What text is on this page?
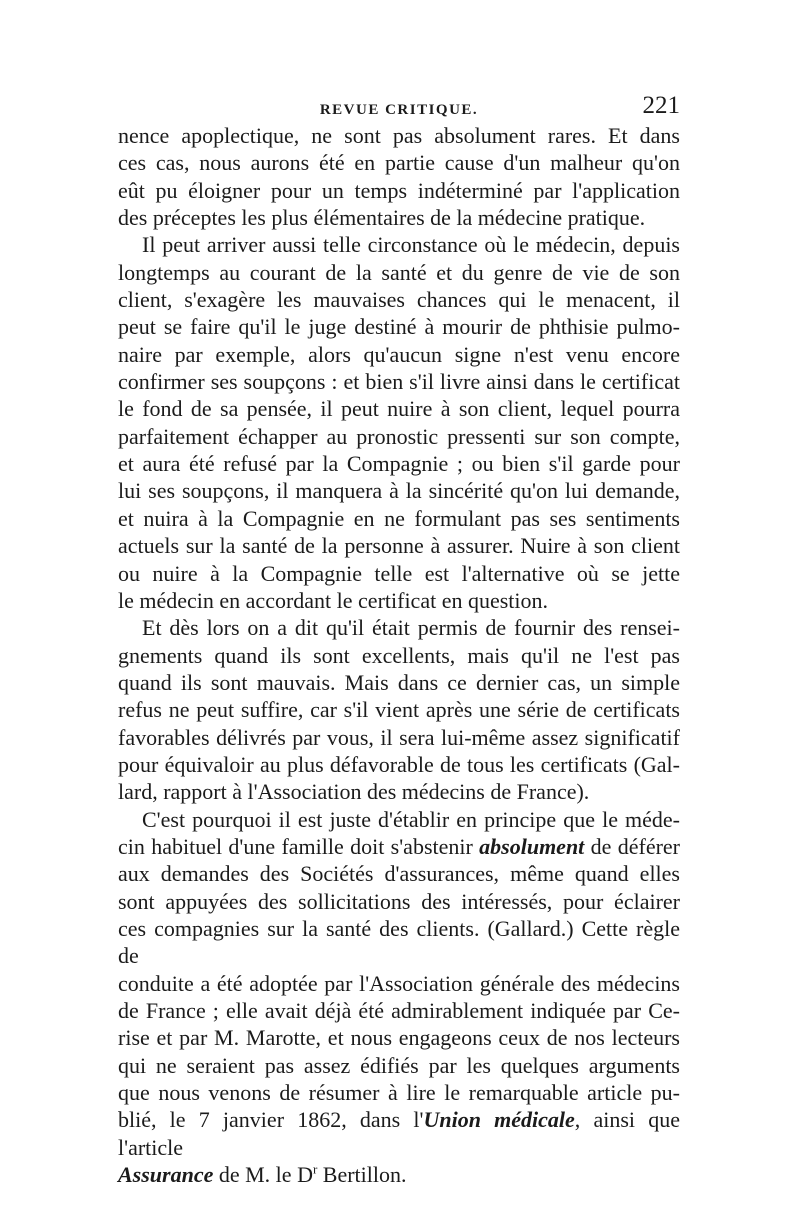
REVUE CRITIQUE.	221
nence apoplectique, ne sont pas absolument rares. Et dans
ces cas, nous aurons été en partie cause d'un malheur qu'on
eût pu éloigner pour un temps indéterminé par l'application
des préceptes les plus élémentaires de la médecine pratique.
Il peut arriver aussi telle circonstance où le médecin, depuis
longtemps au courant de la santé et du genre de vie de son
client, s'exagère les mauvaises chances qui le menacent, il
peut se faire qu'il le juge destiné à mourir de phthisie pulmo-
naire par exemple, alors qu'aucun signe n'est venu encore
confirmer ses soupçons : et bien s'il livre ainsi dans le certificat
le fond de sa pensée, il peut nuire à son client, lequel pourra
parfaitement échapper au pronostic pressenti sur son compte,
et aura été refusé par la Compagnie ; ou bien s'il garde pour
lui ses soupçons, il manquera à la sincérité qu'on lui demande,
et nuira à la Compagnie en ne formulant pas ses sentiments
actuels sur la santé de la personne à assurer. Nuire à son client
ou nuire à la Compagnie telle est l'alternative où se jette
le médecin en accordant le certificat en question.
Et dès lors on a dit qu'il était permis de fournir des rensei-
gnements quand ils sont excellents, mais qu'il ne l'est pas
quand ils sont mauvais. Mais dans ce dernier cas, un simple
refus ne peut suffire, car s'il vient après une série de certificats
favorables délivrés par vous, il sera lui-même assez significatif
pour équivaloir au plus défavorable de tous les certificats (Gal-
lard, rapport à l'Association des médecins de France).
C'est pourquoi il est juste d'établir en principe que le méde-
cin habituel d'une famille doit s'abstenir absolument de déférer
aux demandes des Sociétés d'assurances, même quand elles
sont appuyées des sollicitations des intéressés, pour éclairer
ces compagnies sur la santé des clients. (Gallard.) Cette règle de
conduite a été adoptée par l'Association générale des médecins
de France ; elle avait déjà été admirablement indiquée par Ce-
rise et par M. Marotte, et nous engageons ceux de nos lecteurs
qui ne seraient pas assez édifiés par les quelques arguments
que nous venons de résumer à lire le remarquable article pu-
blié, le 7 janvier 1862, dans l'Union médicale, ainsi que l'article
Assurance de M. le $D^r$ Bertillon.
